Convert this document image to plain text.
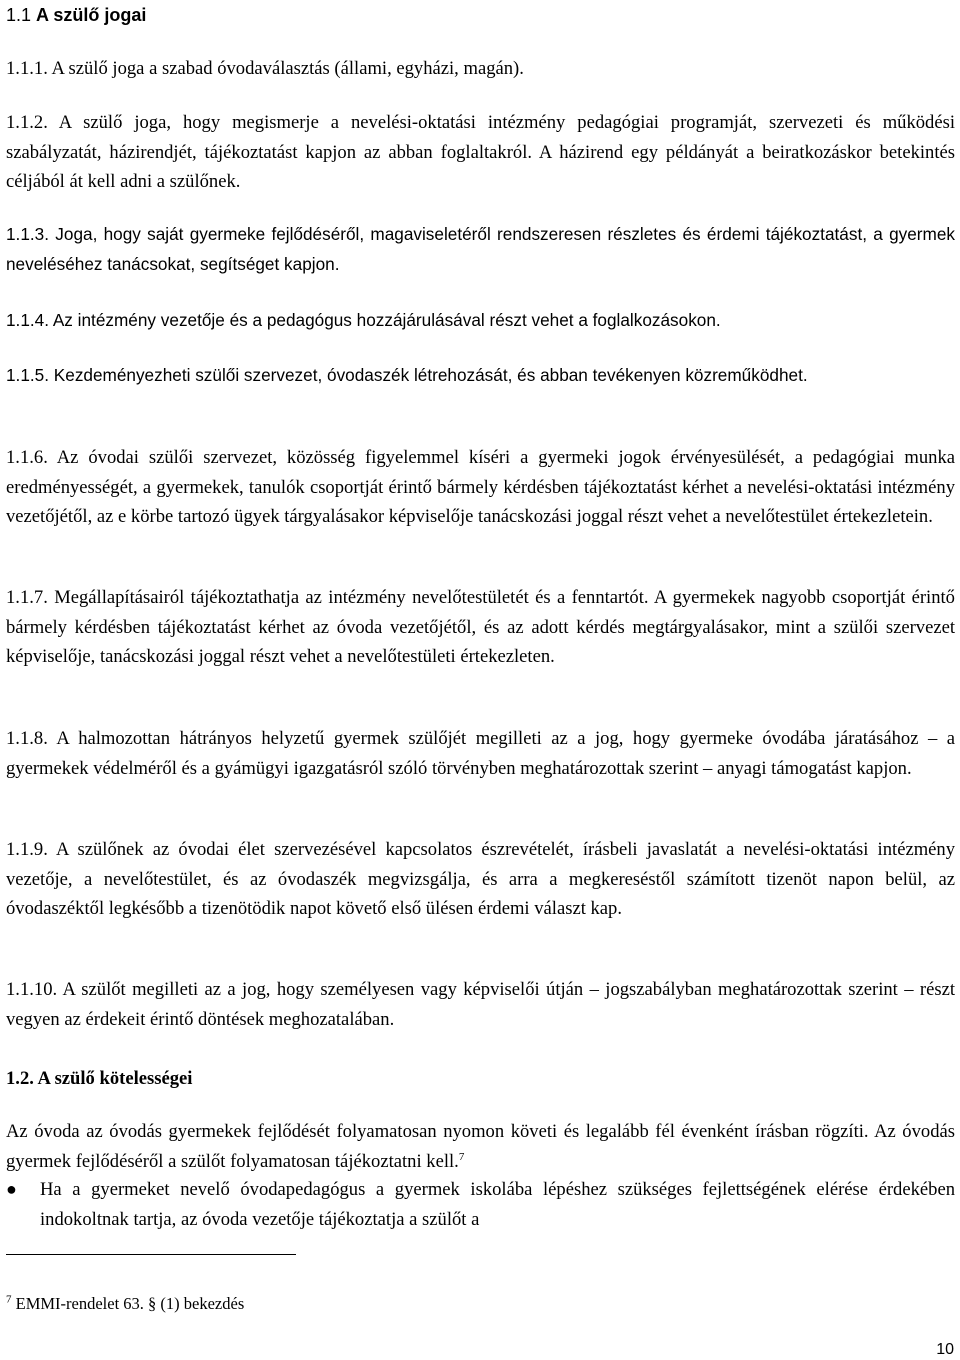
1.1 A szülő jogai

1.1.1. A szülő joga a szabad óvodaválasztás (állami, egyházi, magán).

1.1.2. A szülő joga, hogy megismerje a nevelési-oktatási intézmény pedagógiai programját, szervezeti és működési szabályzatát, házirendjét, tájékoztatást kapjon az abban foglaltakról. A házirend egy példányát a beiratkozáskor betekintés céljából át kell adni a szülőnek.

1.1.3. Joga, hogy saját gyermeke fejlődéséről, magaviseletéről rendszeresen részletes és érdemi tájékoztatást, a gyermek neveléséhez tanácsokat, segítséget kapjon.

1.1.4. Az intézmény vezetője és a pedagógus hozzájárulásával részt vehet a foglalkozásokon.

1.1.5. Kezdeményezheti szülői szervezet, óvodaszék létrehozását, és abban tevékenyen közreműködhet.

1.1.6. Az óvodai szülői szervezet, közösség figyelemmel kíséri a gyermeki jogok érvényesülését, a pedagógiai munka eredményességét, a gyermekek, tanulók csoportját érintő bármely kérdésben tájékoztatást kérhet a nevelési-oktatási intézmény vezetőjétől, az e körbe tartozó ügyek tárgyalásakor képviselője tanácskozási joggal részt vehet a nevelőtestület értekezletein.

1.1.7. Megállapításairól tájékoztathatja az intézmény nevelőtestületét és a fenntartót. A gyermekek nagyobb csoportját érintő bármely kérdésben tájékoztatást kérhet az óvoda vezetőjétől, és az adott kérdés megtárgyalásakor, mint a szülői szervezet képviselője, tanácskozási joggal részt vehet a nevelőtestületi értekezleten.

1.1.8. A halmozottan hátrányos helyzetű gyermek szülőjét megilleti az a jog, hogy gyermeke óvodába járatásához – a gyermekek védelméről és a gyámügyi igazgatásról szóló törvényben meghatározottak szerint – anyagi támogatást kapjon.

1.1.9. A szülőnek az óvodai élet szervezésével kapcsolatos észrevételét, írásbeli javaslatát a nevelési-oktatási intézmény vezetője, a nevelőtestület, és az óvodaszék megvizsgálja, és arra a megkereséstől számított tizenöt napon belül, az óvodaszéktől legkésőbb a tizenötödik napot követő első ülésen érdemi választ kap.

1.1.10. A szülőt megilleti az a jog, hogy személyesen vagy képviselői útján – jogszabályban meghatározottak szerint – részt vegyen az érdekeit érintő döntések meghozatalában.

1.2. A szülő kötelességei

Az óvoda az óvodás gyermekek fejlődését folyamatosan nyomon követi és legalább fél évenként írásban rögzíti. Az óvodás gyermek fejlődéséről a szülőt folyamatosan tájékoztatni kell.$^7$

● Ha a gyermeket nevelő óvodapedagógus a gyermek iskolába lépéshez szükséges fejlettségének elérése érdekében indokoltnak tartja, az óvoda vezetője tájékoztatja a szülőt a
$^7$ EMMI-rendelet 63. § (1) bekezdés
10
